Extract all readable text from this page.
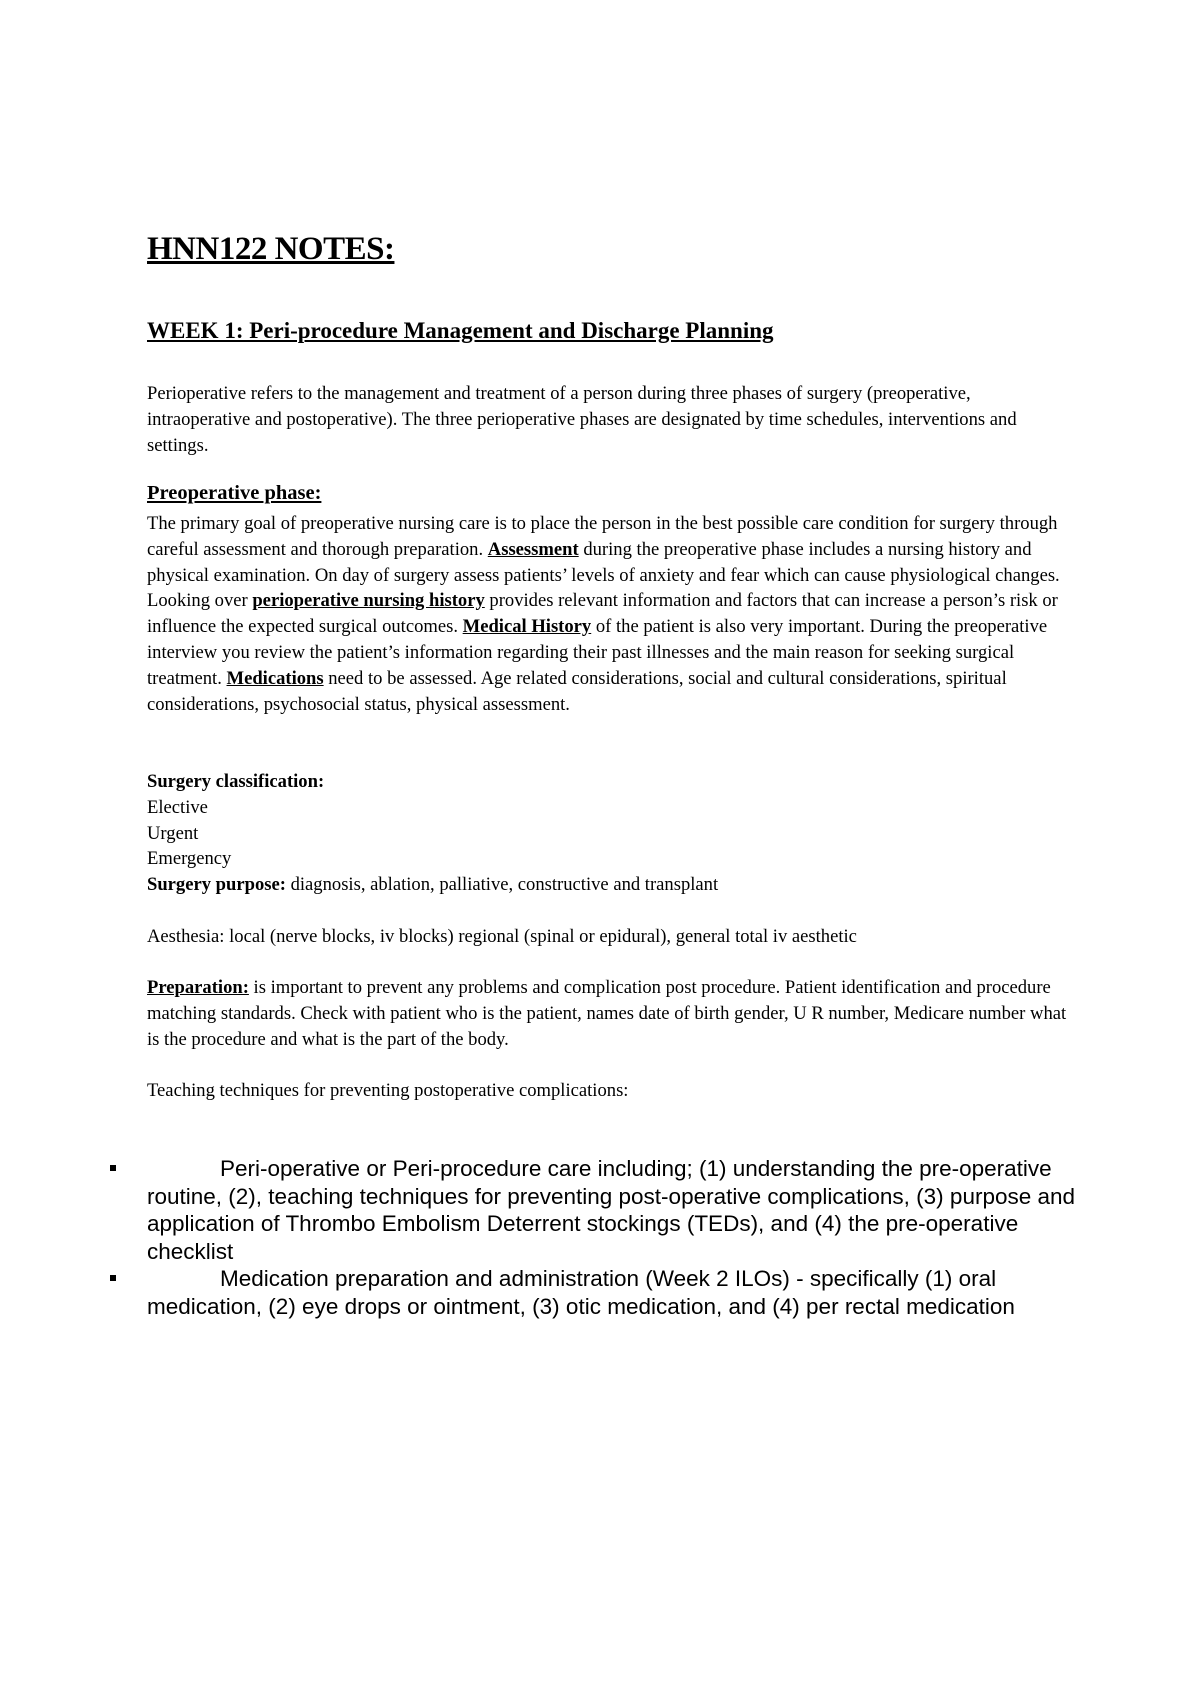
HNN122 NOTES:
WEEK 1: Peri-procedure Management and Discharge Planning

Perioperative refers to the management and treatment of a person during three phases of surgery (preoperative, intraoperative and postoperative). The three perioperative phases are designated by time schedules, interventions and settings.

Preoperative phase:

The primary goal of preoperative nursing care is to place the person in the best possible care condition for surgery through careful assessment and thorough preparation. Assessment during the preoperative phase includes a nursing history and physical examination. On day of surgery assess patients’ levels of anxiety and fear which can cause physiological changes. Looking over perioperative nursing history provides relevant information and factors that can increase a person’s risk or influence the expected surgical outcomes. Medical History of the patient is also very important. During the preoperative interview you review the patient’s information regarding their past illnesses and the main reason for seeking surgical treatment. Medications need to be assessed. Age related considerations, social and cultural considerations, spiritual considerations, psychosocial status, physical assessment.

Surgery classification:
Elective
Urgent
Emergency
Surgery purpose: diagnosis, ablation, palliative, constructive and transplant

Aesthesia: local (nerve blocks, iv blocks) regional (spinal or epidural), general total iv aesthetic

Preparation: is important to prevent any problems and complication post procedure. Patient identification and procedure matching standards. Check with patient who is the patient, names date of birth gender, U R number, Medicare number what is the procedure and what is the part of the body.

Teaching techniques for preventing postoperative complications:

Peri-operative or Peri-procedure care including; (1) understanding the pre-operative routine, (2), teaching techniques for preventing post-operative complications, (3) purpose and application of Thrombo Embolism Deterrent stockings (TEDs), and (4) the pre-operative checklist
Medication preparation and administration (Week 2 ILOs) - specifically (1) oral medication, (2) eye drops or ointment, (3) otic medication, and (4) per rectal medication
